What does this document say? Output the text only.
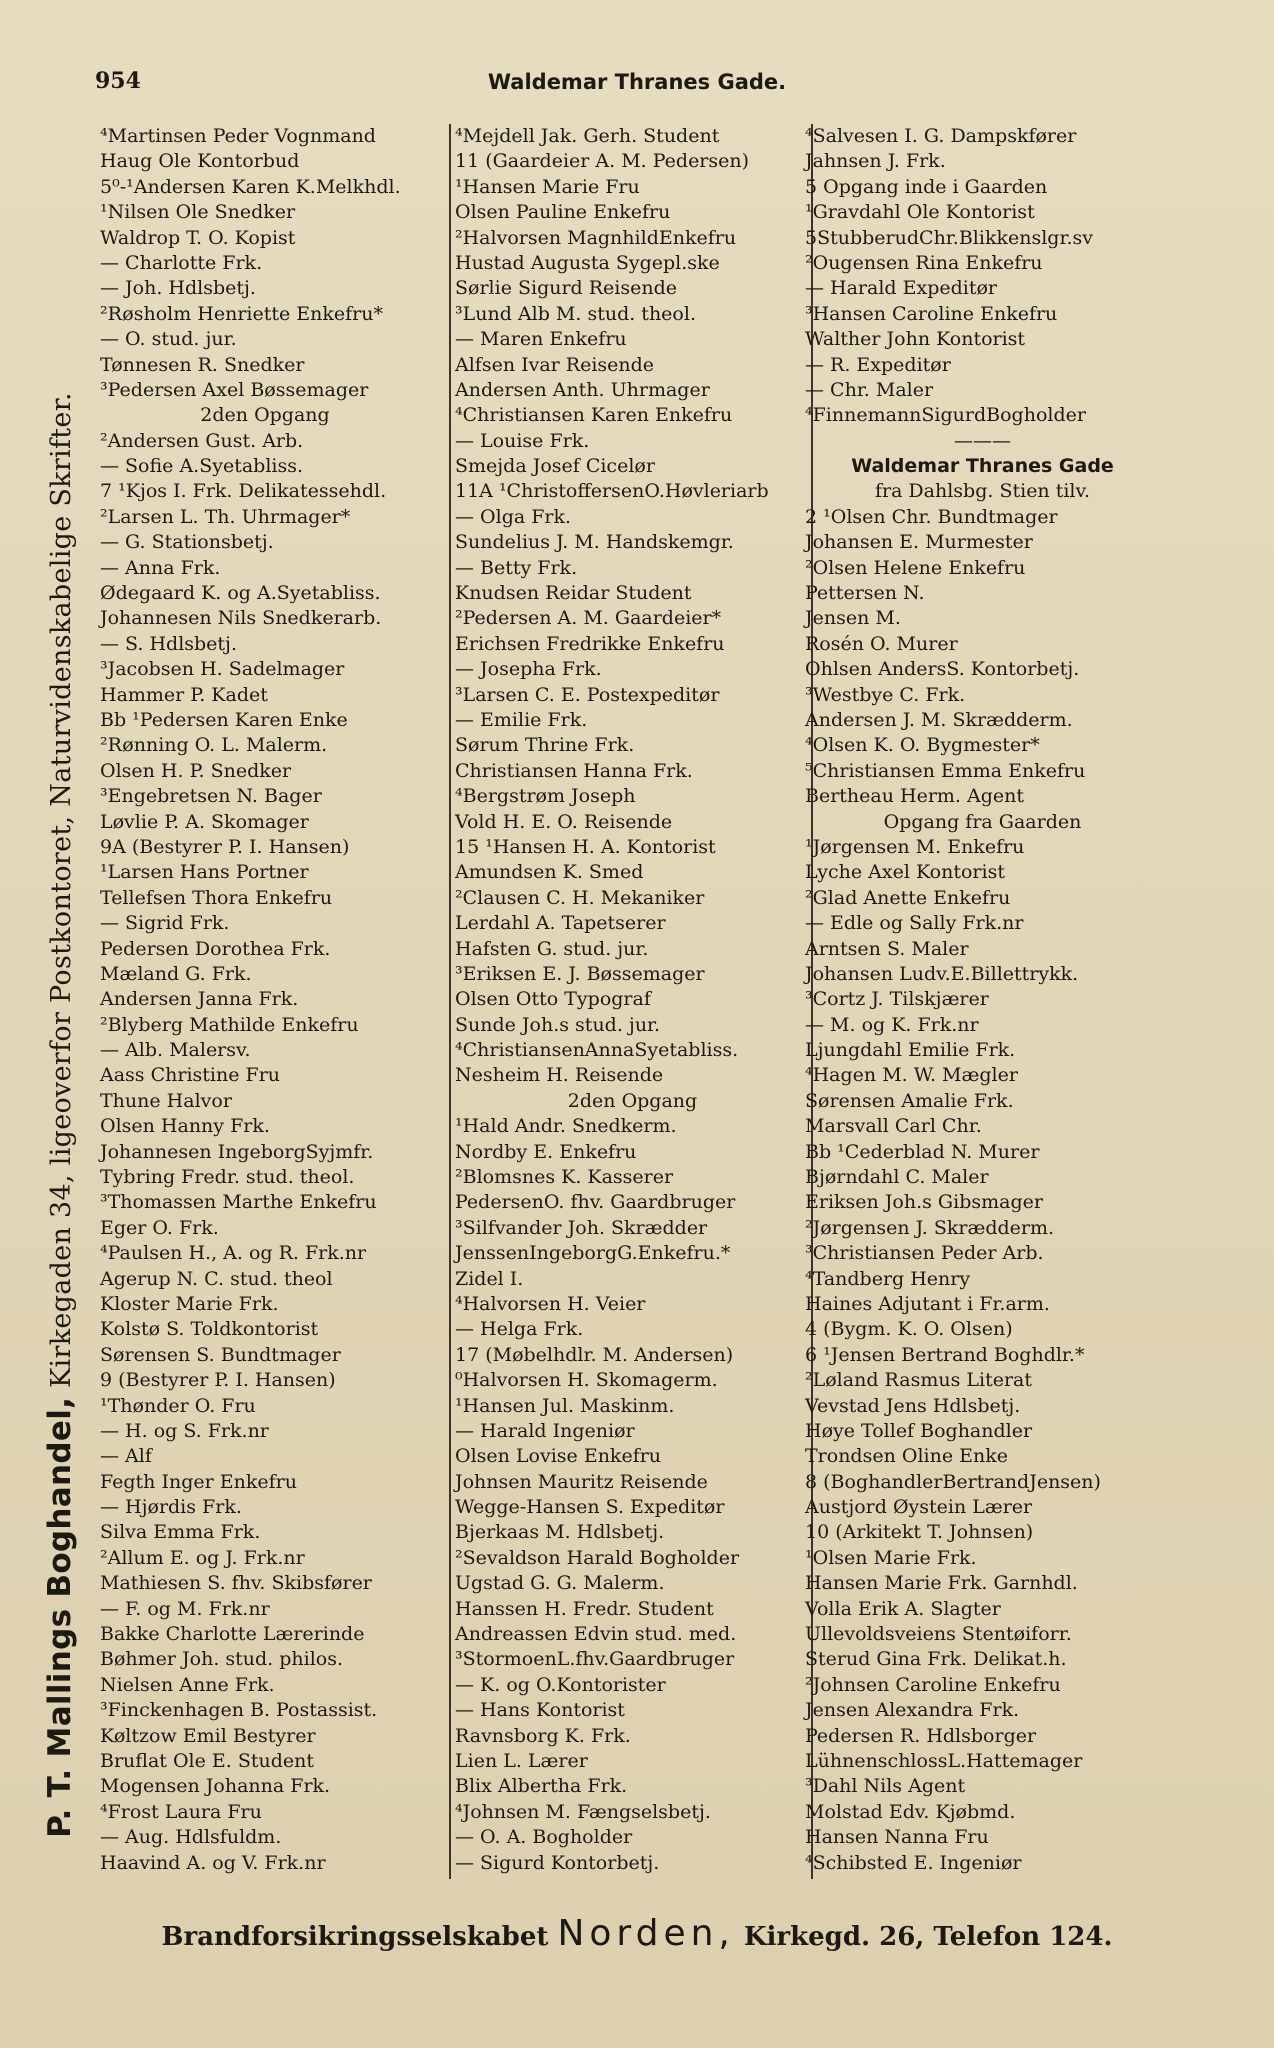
954	Waldemar Thranes Gade.
P. T. Mallings Boghandel, Kirkegaden 34, ligeoverfor Postkontoret, Naturvidenskabelige Skrifter.
⁴Martinsen Peder Vognmand
Haug Ole Kontorbud
5⁰-¹Andersen Karen K.Melkhdl.
¹Nilsen Ole Snedker
Waldrop T. O. Kopist
— Charlotte Frk.
— Joh. Hdlsbetj.
²Røsholm Henriette Enkefru*
— O. stud. jur.
Tønnesen R. Snedker
³Pedersen Axel Bøssemager
2den Opgang
²Andersen Gust. Arb.
— Sofie A.Syetabliss.
7 ¹Kjos I. Frk. Delikatessehdl.
²Larsen L. Th. Uhrmager*
— G. Stationsbetj.
— Anna Frk.
Ødegaard K. og A.Syetabliss.
Johannesen Nils Snedkerarb.
— S. Hdlsbetj.
³Jacobsen H. Sadelmager
Hammer P. Kadet
Bb ¹Pedersen Karen Enke
²Rønning O. L. Malerm.
Olsen H. P. Snedker
³Engebretsen N. Bager
Løvlie P. A. Skomager
9A (Bestyrer P. I. Hansen)
¹Larsen Hans Portner
Tellefsen Thora Enkefru
— Sigrid Frk.
Pedersen Dorothea Frk.
Mæland G. Frk.
Andersen Janna Frk.
²Blyberg Mathilde Enkefru
— Alb. Malersv.
Aass Christine Fru
Thune Halvor
Olsen Hanny Frk.
Johannesen IngeborgSyjmfr.
Tybring Fredr. stud. theol.
³Thomassen Marthe Enkefru
Eger O. Frk.
⁴Paulsen H., A. og R. Frk.nr
Agerup N. C. stud. theol
Kloster Marie Frk.
Kolstø S. Toldkontorist
Sørensen S. Bundtmager
9 (Bestyrer P. I. Hansen)
¹Thønder O. Fru
— H. og S. Frk.nr
— Alf
Fegth Inger Enkefru
— Hjørdis Frk.
Silva Emma Frk.
²Allum E. og J. Frk.nr
Mathiesen S. fhv. Skibsfører
— F. og M. Frk.nr
Bakke Charlotte Lærerinde
Bøhmer Joh. stud. philos.
Nielsen Anne Frk.
³Finckenhagen B. Postassist.
Køltzow Emil Bestyrer
Bruflat Ole E. Student
Mogensen Johanna Frk.
⁴Frost Laura Fru
— Aug. Hdlsfuldm.
Haavind A. og V. Frk.nr
⁴Mejdell Jak. Gerh. Student
11 (Gaardeier A. M. Pedersen)
¹Hansen Marie Fru
Olsen Pauline Enkefru
²Halvorsen MagnhildEnkefru
Hustad Augusta Sygepl.ske
Sørlie Sigurd Reisende
³Lund Alb M. stud. theol.
— Maren Enkefru
Alfsen Ivar Reisende
Andersen Anth. Uhrmager
⁴Christiansen Karen Enkefru
— Louise Frk.
Smejda Josef Cicelør
11A ¹ChristoffersenO.Høvleriarb
— Olga Frk.
Sundelius J. M. Handskemgr.
— Betty Frk.
Knudsen Reidar Student
²Pedersen A. M. Gaardeier*
Erichsen Fredrikke Enkefru
— Josepha Frk.
³Larsen C. E. Postexpeditør
— Emilie Frk.
Sørum Thrine Frk.
Christiansen Hanna Frk.
⁴Bergstrøm Joseph
Vold H. E. O. Reisende
15 ¹Hansen H. A. Kontorist
Amundsen K. Smed
²Clausen C. H. Mekaniker
Lerdahl A. Tapetserer
Hafsten G. stud. jur.
³Eriksen E. J. Bøssemager
Olsen Otto Typograf
Sunde Joh.s stud. jur.
⁴ChristiansenAnnaSyetabliss.
Nesheim H. Reisende
2den Opgang
¹Hald Andr. Snedkerm.
Nordby E. Enkefru
²Blomsnes K. Kasserer
PedersenO. fhv. Gaardbruger
³Silfvander Joh. Skrædder
JenssenIngeborgG.Enkefru.*
Zidel I.
⁴Halvorsen H. Veier
— Helga Frk.
17 (Møbelhdlr. M. Andersen)
⁰Halvorsen H. Skomagerm.
¹Hansen Jul. Maskinm.
— Harald Ingeniør
Olsen Lovise Enkefru
Johnsen Mauritz Reisende
Wegge-Hansen S. Expeditør
Bjerkaas M. Hdlsbetj.
²Sevaldson Harald Bogholder
Ugstad G. G. Malerm.
Hanssen H. Fredr. Student
Andreassen Edvin stud. med.
³StormoenL.fhv.Gaardbruger
— K. og O.Kontorister
— Hans Kontorist
Ravnsborg K. Frk.
Lien L. Lærer
Blix Albertha Frk.
⁴Johnsen M. Fængselsbetj.
— O. A. Bogholder
— Sigurd Kontorbetj.
⁴Salvesen I. G. Dampskfører
Jahnsen J. Frk.
5 Opgang inde i Gaarden
¹Gravdahl Ole Kontorist
5StubberudChr.Blikkenslgr.sv
²Ougensen Rina Enkefru
— Harald Expeditør
³Hansen Caroline Enkefru
Walther John Kontorist
— R. Expeditør
— Chr. Maler
⁴FinnemannSigurdBogholder
———
Waldemar Thranes Gade
fra Dahlsbg. Stien tilv.
2 ¹Olsen Chr. Bundtmager
Johansen E. Murmester
²Olsen Helene Enkefru
Pettersen N.
Jensen M.
Rosén O. Murer
Ohlsen AndersS. Kontorbetj.
³Westbye C. Frk.
Andersen J. M. Skrædderm.
⁴Olsen K. O. Bygmester*
⁵Christiansen Emma Enkefru
Bertheau Herm. Agent
Opgang fra Gaarden
¹Jørgensen M. Enkefru
Lyche Axel Kontorist
²Glad Anette Enkefru
— Edle og Sally Frk.nr
Arntsen S. Maler
Johansen Ludv.E.Billettrykk.
³Cortz J. Tilskjærer
— M. og K. Frk.nr
Ljungdahl Emilie Frk.
⁴Hagen M. W. Mægler
Sørensen Amalie Frk.
Marsvall Carl Chr.
Bb ¹Cederblad N. Murer
Bjørndahl C. Maler
Eriksen Joh.s Gibsmager
²Jørgensen J. Skrædderm.
³Christiansen Peder Arb.
⁴Tandberg Henry
Haines Adjutant i Fr.arm.
4 (Bygm. K. O. Olsen)
6 ¹Jensen Bertrand Boghdlr.*
²Løland Rasmus Literat
Vevstad Jens Hdlsbetj.
Høye Tollef Boghandler
Trondsen Oline Enke
8 (BoghandlerBertrandJensen)
Austjord Øystein Lærer
10 (Arkitekt T. Johnsen)
¹Olsen Marie Frk.
Hansen Marie Frk. Garnhdl.
Volla Erik A. Slagter
Ullevoldsveiens Stentøiforr.
Sterud Gina Frk. Delikat.h.
²Johnsen Caroline Enkefru
Jensen Alexandra Frk.
Pedersen R. Hdlsborger
LühnenschlossL.Hattemager
³Dahl Nils Agent
Molstad Edv. Kjøbmd.
Hansen Nanna Fru
⁴Schibsted E. Ingeniør
Brandforsikringsselskabet Norden, Kirkegd. 26, Telefon 124.
